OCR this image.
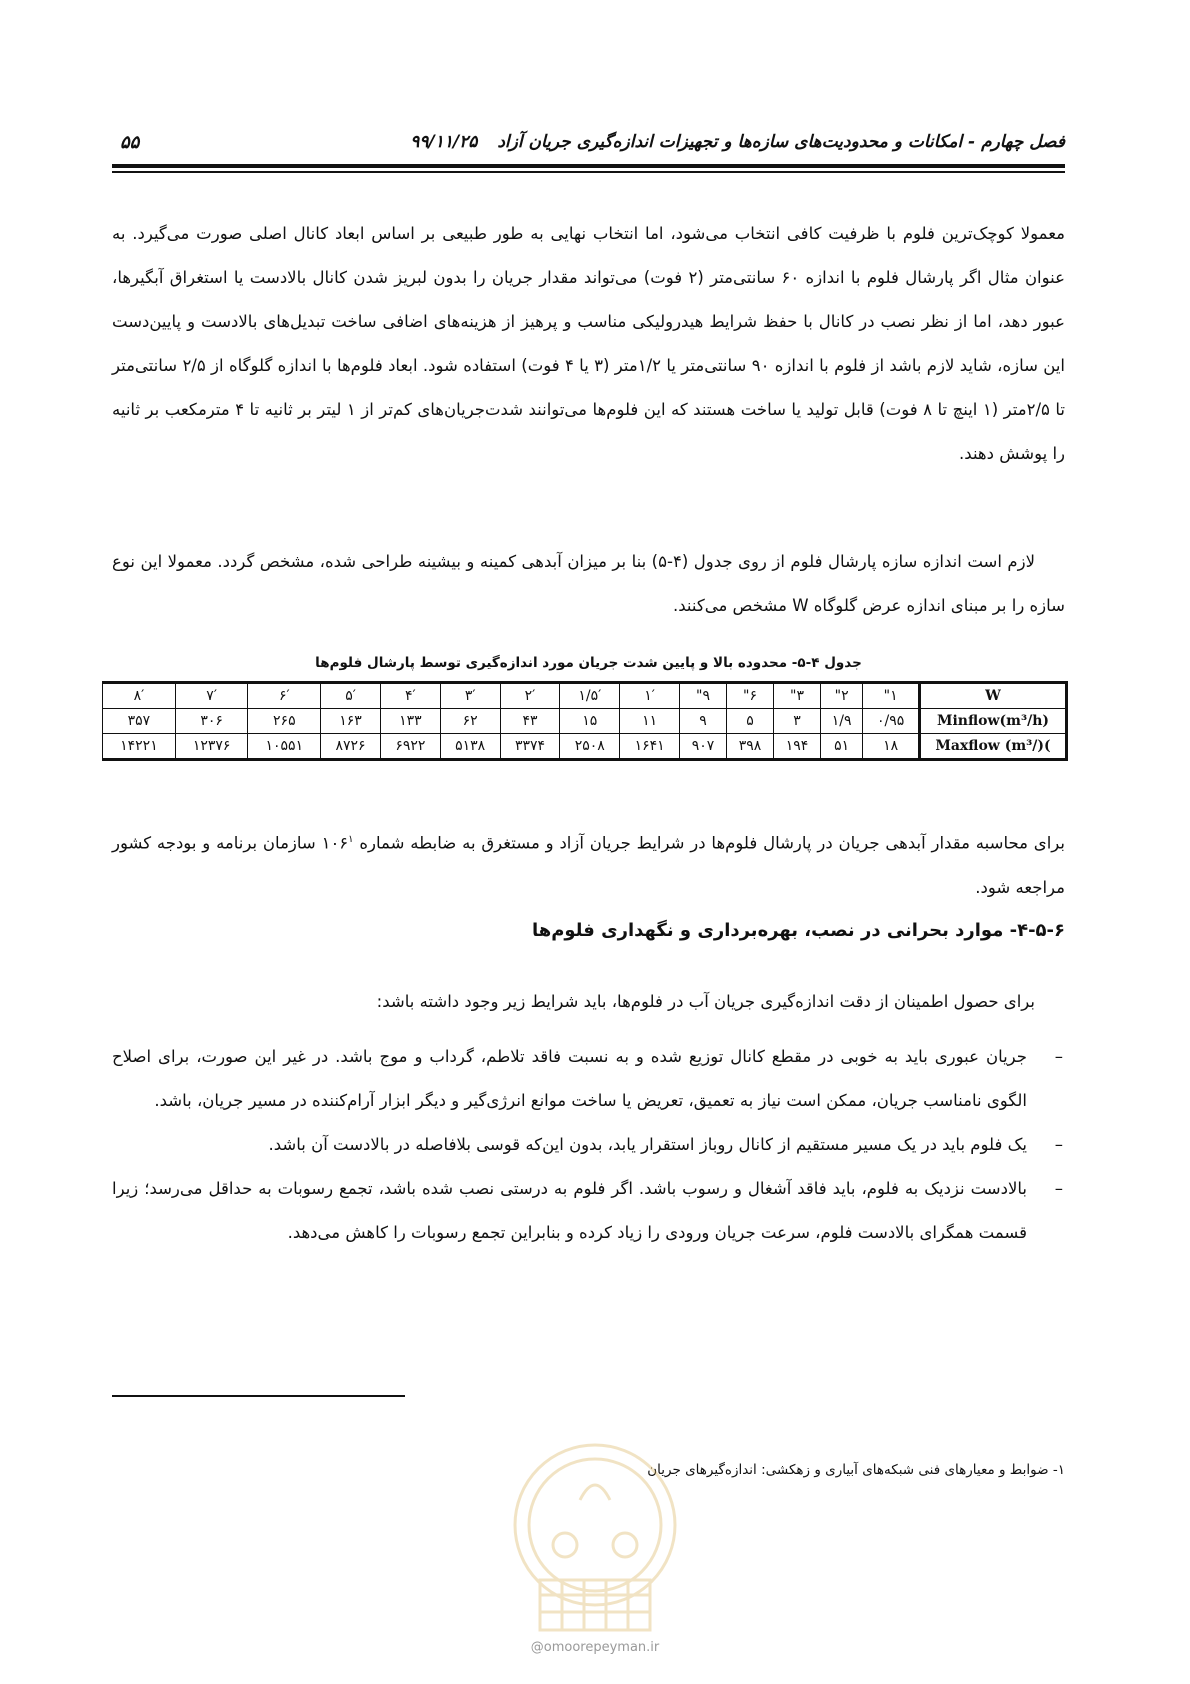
فصل چهارم - امکانات و محدودیت‌های سازه‌ها و تجهیزات اندازه‌گیری جریان آزاد ۹۹/۱۱/۲۵
۵۵
معمولا کوچک‌ترین فلوم با ظرفیت کافی انتخاب می‌شود، اما انتخاب نهایی به طور طبیعی بر اساس ابعاد کانال اصلی صورت می‌گیرد. به عنوان مثال اگر پارشال فلوم با اندازه ۶۰ سانتی‌متر (۲ فوت) می‌تواند مقدار جریان را بدون لبریز شدن کانال بالادست یا استغراق آبگیرها، عبور دهد، اما از نظر نصب در کانال با حفظ شرایط هیدرولیکی مناسب و پرهیز از هزینه‌های اضافی ساخت تبدیل‌های بالادست و پایین‌دست این سازه، شاید لازم باشد از فلوم با اندازه ۹۰ سانتی‌متر یا ۱/۲متر (۳ یا ۴ فوت) استفاده شود. ابعاد فلوم‌ها با اندازه گلوگاه از ۲/۵ سانتی‌متر تا ۲/۵متر (۱ اینچ تا ۸ فوت) قابل تولید یا ساخت هستند که این فلوم‌ها می‌توانند شدت‌جریان‌های کم‌تر از ۱ لیتر بر ثانیه تا ۴ مترمکعب بر ثانیه را پوشش دهند.
لازم است اندازه سازه پارشال فلوم از روی جدول (۴-۵) بنا بر میزان آبدهی کمینه و بیشینه طراحی شده، مشخص گردد. معمولا این نوع سازه را بر مبنای اندازه عرض گلوگاه W مشخص می‌کنند.
جدول ۴-۵- محدوده بالا و پایین شدت جریان مورد اندازه‌گیری توسط پارشال فلوم‌ها
W	۱"	۲"	۳"	۶"	۹"	۱′	۱/۵′	۲′	۳′	۴′	۵′	۶′	۷′	۸′
Minflow(m³/h)	۰/۹۵	۱/۹	۳	۵	۹	۱۱	۱۵	۴۳	۶۲	۱۳۳	۱۶۳	۲۶۵	۳۰۶	۳۵۷
Maxflow (m³/)(	۱۸	۵۱	۱۹۴	۳۹۸	۹۰۷	۱۶۴۱	۲۵۰۸	۳۳۷۴	۵۱۳۸	۶۹۲۲	۸۷۲۶	۱۰۵۵۱	۱۲۳۷۶	۱۴۲۲۱
برای محاسبه مقدار آبدهی جریان در پارشال فلوم‌ها در شرایط جریان آزاد و مستغرق به ضابطه شماره $۱۰۶^۱$ سازمان برنامه و بودجه کشور مراجعه شود.
۴-۵-۶- موارد بحرانی در نصب، بهره‌برداری و نگهداری فلوم‌ها
برای حصول اطمینان از دقت اندازه‌گیری جریان آب در فلوم‌ها، باید شرایط زیر وجود داشته باشد:
–
جریان عبوری باید به خوبی در مقطع کانال توزیع شده و به نسبت فاقد تلاطم، گرداب و موج باشد. در غیر این صورت، برای اصلاح الگوی نامناسب جریان، ممکن است نیاز به تعمیق، تعریض یا ساخت موانع انرژی‌گیر و دیگر ابزار آرام‌کننده در مسیر جریان، باشد.
–
یک فلوم باید در یک مسیر مستقیم از کانال روباز استقرار یابد، بدون این‌که قوسی بلافاصله در بالادست آن باشد.
–
بالادست نزدیک به فلوم، باید فاقد آشغال و رسوب باشد. اگر فلوم به درستی نصب شده باشد، تجمع رسوبات به حداقل می‌رسد؛ زیرا قسمت همگرای بالادست فلوم، سرعت جریان ورودی را زیاد کرده و بنابراین تجمع رسوبات را کاهش می‌دهد.
۱- ضوابط و معیارهای فنی شبکه‌های آبیاری و زهکشی: اندازه‌گیرهای جریان
@omoorepeyman.ir
